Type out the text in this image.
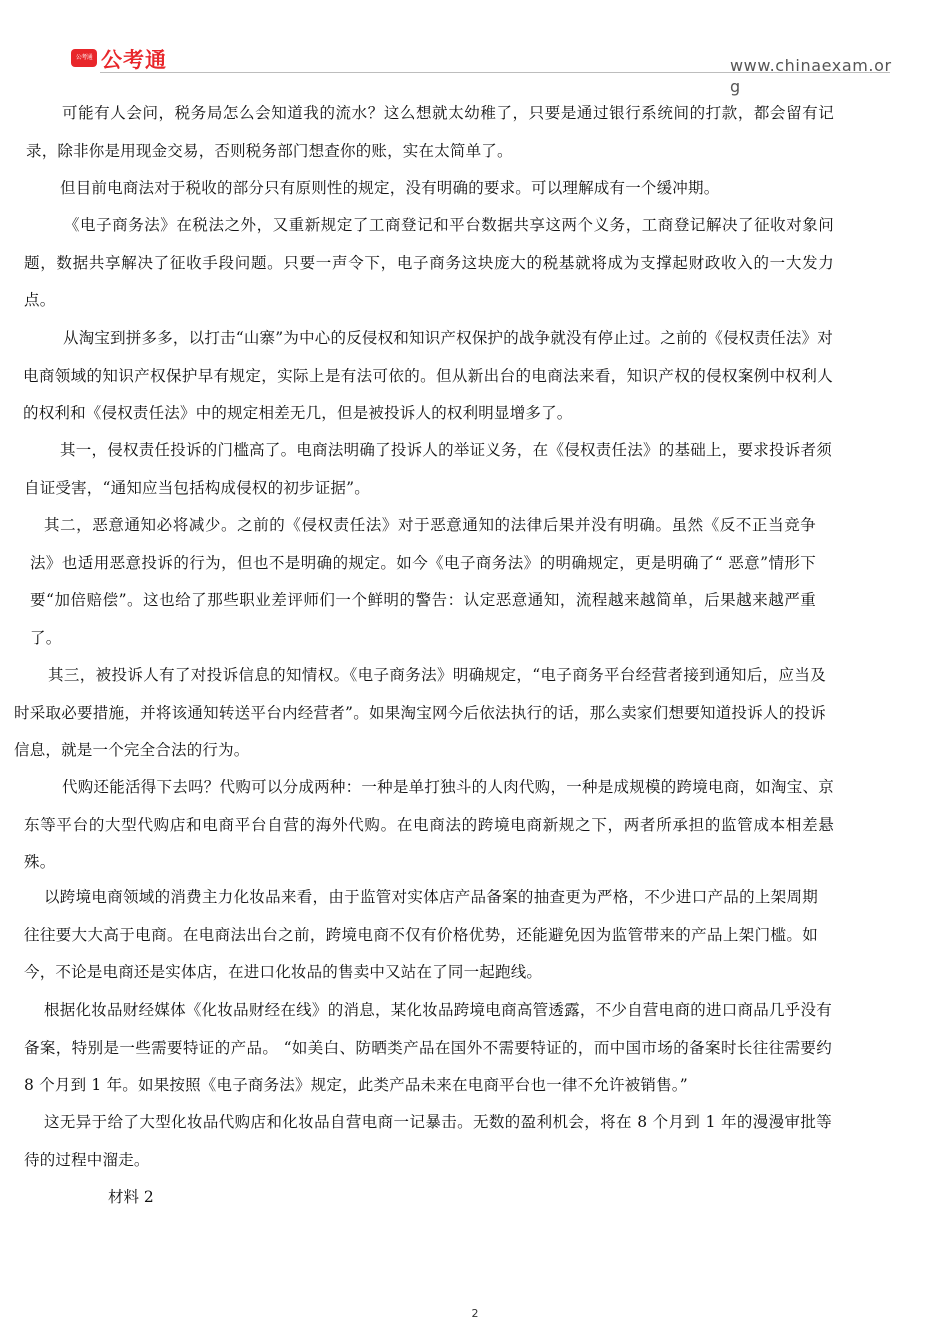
公考通 公考通	www.chinaexam.org

可能有人会问，税务局怎么会知道我的流水？这么想就太幼稚了，只要是通过银行系统间的打款，都会留有记录，除非你是用现金交易，否则税务部门想查你的账，实在太简单了。

但目前电商法对于税收的部分只有原则性的规定，没有明确的要求。可以理解成有一个缓冲期。

《电子商务法》在税法之外，又重新规定了工商登记和平台数据共享这两个义务，工商登记解决了征收对象问题，数据共享解决了征收手段问题。只要一声令下，电子商务这块庞大的税基就将成为支撑起财政收入的一大发力点。

从淘宝到拼多多，以打击“山寨”为中心的反侵权和知识产权保护的战争就没有停止过。之前的《侵权责任法》对电商领域的知识产权保护早有规定，实际上是有法可依的。但从新出台的电商法来看，知识产权的侵权案例中权利人的权利和《侵权责任法》中的规定相差无几，但是被投诉人的权利明显增多了。

其一，侵权责任投诉的门槛高了。电商法明确了投诉人的举证义务，在《侵权责任法》的基础上，要求投诉者须自证受害，“通知应当包括构成侵权的初步证据”。

其二，恶意通知必将减少。之前的《侵权责任法》对于恶意通知的法律后果并没有明确。虽然《反不正当竞争法》也适用恶意投诉的行为，但也不是明确的规定。如今《电子商务法》的明确规定，更是明确了“ 恶意”情形下要“加倍赔偿”。这也给了那些职业差评师们一个鲜明的警告：认定恶意通知，流程越来越简单，后果越来越严重了。

其三，被投诉人有了对投诉信息的知情权。《电子商务法》明确规定，“电子商务平台经营者接到通知后，应当及时采取必要措施，并将该通知转送平台内经营者”。如果淘宝网今后依法执行的话，那么卖家们想要知道投诉人的投诉信息，就是一个完全合法的行为。

代购还能活得下去吗？代购可以分成两种：一种是单打独斗的人肉代购，一种是成规模的跨境电商，如淘宝、京东等平台的大型代购店和电商平台自营的海外代购。在电商法的跨境电商新规之下，两者所承担的监管成本相差悬殊。

以跨境电商领域的消费主力化妆品来看，由于监管对实体店产品备案的抽查更为严格，不少进口产品的上架周期往往要大大高于电商。在电商法出台之前，跨境电商不仅有价格优势，还能避免因为监管带来的产品上架门槛。如今，不论是电商还是实体店，在进口化妆品的售卖中又站在了同一起跑线。

根据化妆品财经媒体《化妆品财经在线》的消息，某化妆品跨境电商高管透露，不少自营电商的进口商品几乎没有备案，特别是一些需要特证的产品。 “如美白、防晒类产品在国外不需要特证的，而中国市场的备案时长往往需要约 8 个月到 1 年。如果按照《电子商务法》规定，此类产品未来在电商平台也一律不允许被销售。”

这无异于给了大型化妆品代购店和化妆品自营电商一记暴击。无数的盈利机会，将在 8 个月到 1 年的漫漫审批等待的过程中溜走。

材料 2

2
